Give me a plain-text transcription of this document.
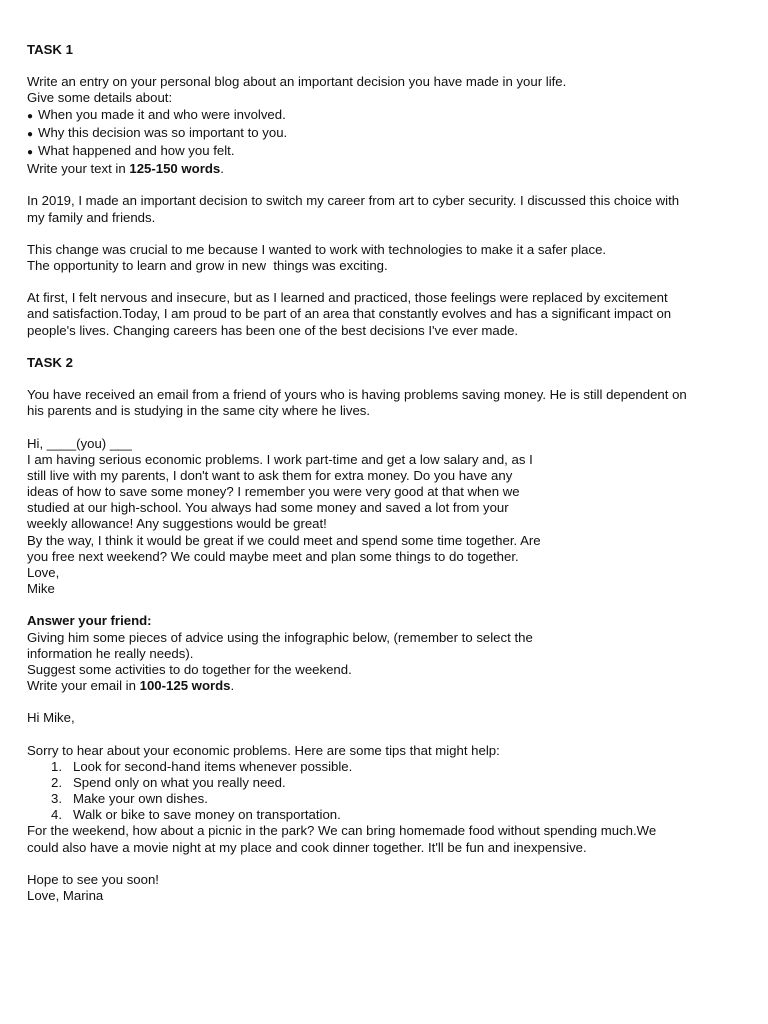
TASK 1

Write an entry on your personal blog about an important decision you have made in your life.

Give some details about:

● When you made it and who were involved.

● Why this decision was so important to you.

● What happened and how you felt.

Write your text in 125-150 words.

In 2019, I made an important decision to switch my career from art to cyber security. I discussed this choice with

my family and friends.

This change was crucial to me because I wanted to work with technologies to make it a safer place.

The opportunity to learn and grow in new  things was exciting.

At first, I felt nervous and insecure, but as I learned and practiced, those feelings were replaced by excitement

and satisfaction.Today, I am proud to be part of an area that constantly evolves and has a significant impact on

people's lives. Changing careers has been one of the best decisions I've ever made.

TASK 2

You have received an email from a friend of yours who is having problems saving money. He is still dependent on

his parents and is studying in the same city where he lives.

Hi, ____(you) ___

I am having serious economic problems. I work part-time and get a low salary and, as I

still live with my parents, I don't want to ask them for extra money. Do you have any

ideas of how to save some money? I remember you were very good at that when we

studied at our high-school. You always had some money and saved a lot from your

weekly allowance! Any suggestions would be great!

By the way, I think it would be great if we could meet and spend some time together. Are

you free next weekend? We could maybe meet and plan some things to do together.

Love,

Mike

Answer your friend:

Giving him some pieces of advice using the infographic below, (remember to select the

information he really needs).

Suggest some activities to do together for the weekend.

Write your email in 100-125 words.

Hi Mike,

Sorry to hear about your economic problems. Here are some tips that might help:

1. Look for second-hand items whenever possible.
2. Spend only on what you really need.
3. Make your own dishes.
4. Walk or bike to save money on transportation.

For the weekend, how about a picnic in the park? We can bring homemade food without spending much.We

could also have a movie night at my place and cook dinner together. It'll be fun and inexpensive.

Hope to see you soon!

Love, Marina
